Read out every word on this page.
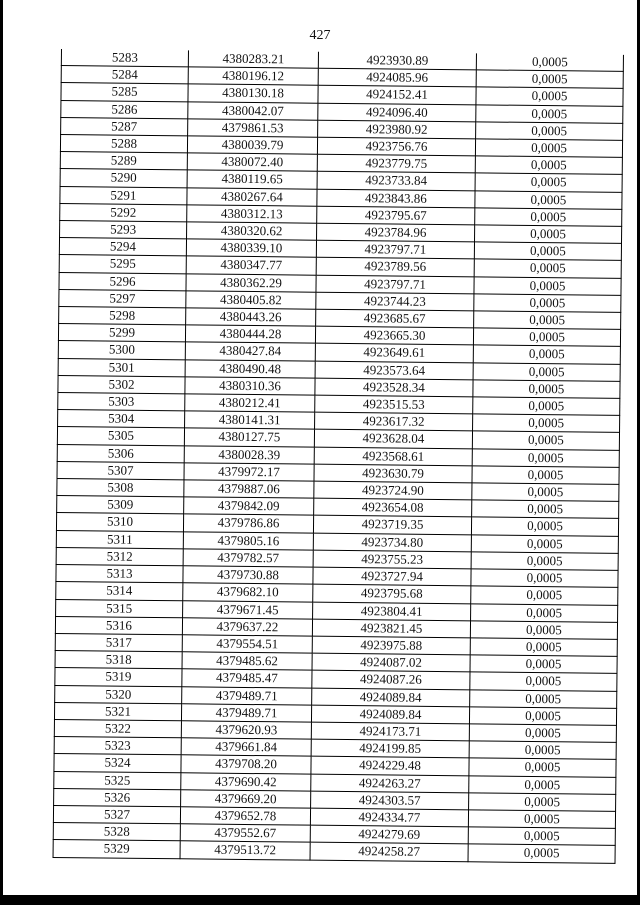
427
5283	4380283.21	4923930.89	0,0005
5284	4380196.12	4924085.96	0,0005
5285	4380130.18	4924152.41	0,0005
5286	4380042.07	4924096.40	0,0005
5287	4379861.53	4923980.92	0,0005
5288	4380039.79	4923756.76	0,0005
5289	4380072.40	4923779.75	0,0005
5290	4380119.65	4923733.84	0,0005
5291	4380267.64	4923843.86	0,0005
5292	4380312.13	4923795.67	0,0005
5293	4380320.62	4923784.96	0,0005
5294	4380339.10	4923797.71	0,0005
5295	4380347.77	4923789.56	0,0005
5296	4380362.29	4923797.71	0,0005
5297	4380405.82	4923744.23	0,0005
5298	4380443.26	4923685.67	0,0005
5299	4380444.28	4923665.30	0,0005
5300	4380427.84	4923649.61	0,0005
5301	4380490.48	4923573.64	0,0005
5302	4380310.36	4923528.34	0,0005
5303	4380212.41	4923515.53	0,0005
5304	4380141.31	4923617.32	0,0005
5305	4380127.75	4923628.04	0,0005
5306	4380028.39	4923568.61	0,0005
5307	4379972.17	4923630.79	0,0005
5308	4379887.06	4923724.90	0,0005
5309	4379842.09	4923654.08	0,0005
5310	4379786.86	4923719.35	0,0005
5311	4379805.16	4923734.80	0,0005
5312	4379782.57	4923755.23	0,0005
5313	4379730.88	4923727.94	0,0005
5314	4379682.10	4923795.68	0,0005
5315	4379671.45	4923804.41	0,0005
5316	4379637.22	4923821.45	0,0005
5317	4379554.51	4923975.88	0,0005
5318	4379485.62	4924087.02	0,0005
5319	4379485.47	4924087.26	0,0005
5320	4379489.71	4924089.84	0,0005
5321	4379489.71	4924089.84	0,0005
5322	4379620.93	4924173.71	0,0005
5323	4379661.84	4924199.85	0,0005
5324	4379708.20	4924229.48	0,0005
5325	4379690.42	4924263.27	0,0005
5326	4379669.20	4924303.57	0,0005
5327	4379652.78	4924334.77	0,0005
5328	4379552.67	4924279.69	0,0005
5329	4379513.72	4924258.27	0,0005
